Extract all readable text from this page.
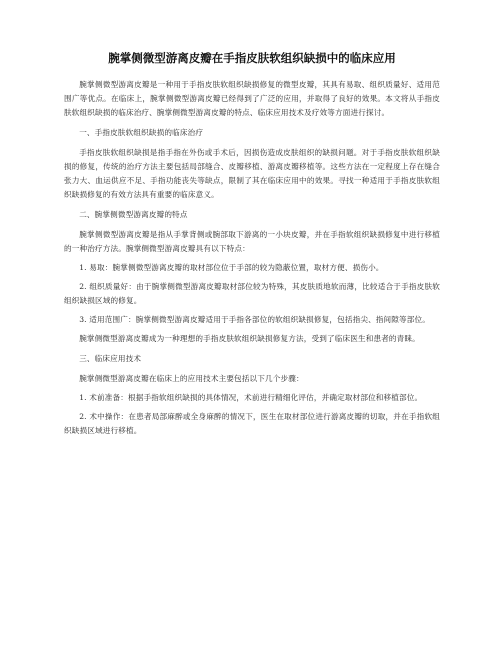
腕掌侧微型游离皮瓣在手指皮肤软组织缺损中的临床应用

腕掌侧微型游离皮瓣是一种用于手指皮肤软组织缺损修复的微型皮瓣，其具有易取、组织质量好、适用范围广等优点。在临床上，腕掌侧微型游离皮瓣已经得到了广泛的应用，并取得了良好的效果。本文将从手指皮肤软组织缺损的临床治疗、腕掌侧微型游离皮瓣的特点、临床应用技术及疗效等方面进行探讨。

一、手指皮肤软组织缺损的临床治疗

手指皮肤软组织缺损是指手指在外伤或手术后，因损伤造成皮肤组织的缺损问题。对于手指皮肤软组织缺损的修复，传统的治疗方法主要包括局部缝合、皮瓣移植、游离皮瓣移植等。这些方法在一定程度上存在缝合张力大、血运供应不足、手指功能丧失等缺点，限制了其在临床应用中的效果。寻找一种适用于手指皮肤软组织缺损修复的有效方法具有重要的临床意义。

二、腕掌侧微型游离皮瓣的特点

腕掌侧微型游离皮瓣是指从手掌背侧或腕部取下游离的一小块皮瓣，并在手指软组织缺损修复中进行移植的一种治疗方法。腕掌侧微型游离皮瓣具有以下特点：

1. 易取：腕掌侧微型游离皮瓣的取材部位位于手部的较为隐蔽位置，取材方便、损伤小。

2. 组织质量好：由于腕掌侧微型游离皮瓣取材部位较为特殊，其皮肤质地软而薄，比较适合于手指皮肤软组织缺损区域的修复。

3. 适用范围广：腕掌侧微型游离皮瓣适用于手指各部位的软组织缺损修复，包括指尖、指间隙等部位。

腕掌侧微型游离皮瓣成为一种理想的手指皮肤软组织缺损修复方法，受到了临床医生和患者的青睐。

三、临床应用技术

腕掌侧微型游离皮瓣在临床上的应用技术主要包括以下几个步骤：

1. 术前准备：根据手指软组织缺损的具体情况，术前进行精细化评估，并确定取材部位和移植部位。

2. 术中操作：在患者局部麻醉或全身麻醉的情况下，医生在取材部位进行游离皮瓣的切取，并在手指软组织缺损区域进行移植。
